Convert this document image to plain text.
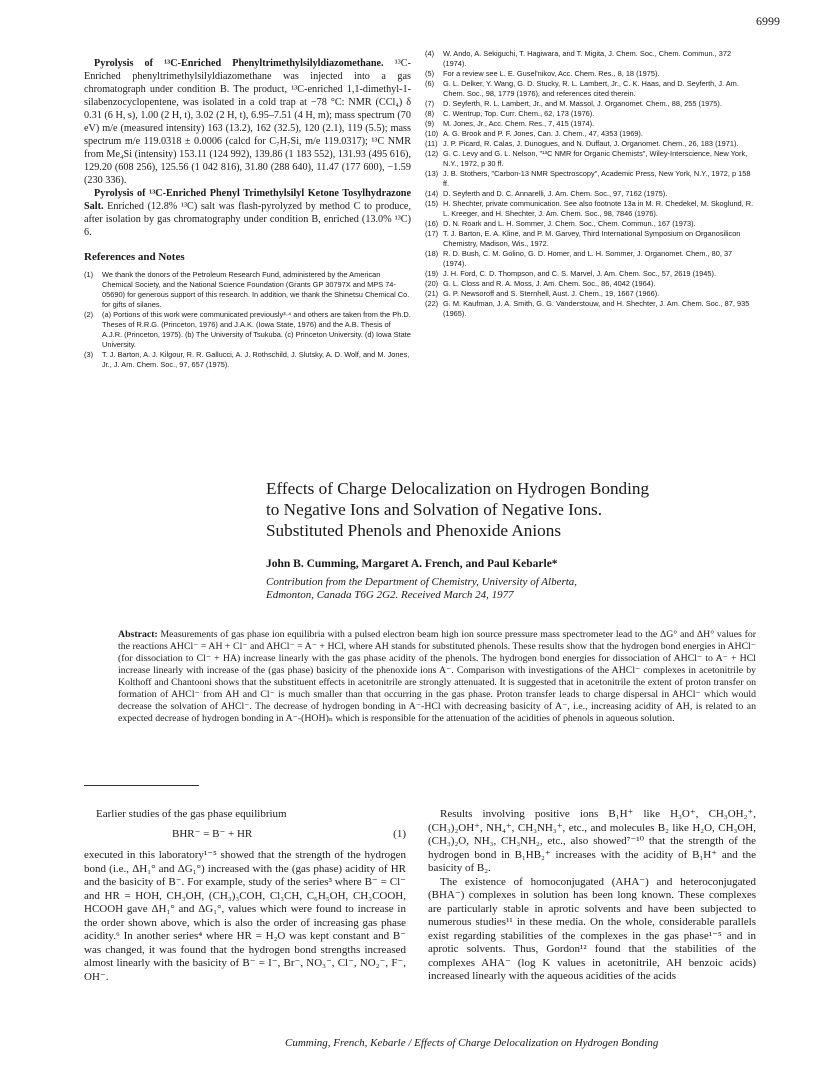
6999

Pyrolysis of ¹³C-Enriched Phenyltrimethylsilyldiazomethane. ¹³C-Enriched phenyltrimethylsilyldiazomethane was injected into a gas chromatograph under condition B. The product, ¹³C-enriched 1,1-dimethyl-1-silabenzocyclopentene, was isolated in a cold trap at −78 °C: NMR (CCl₄) δ 0.31 (6 H, s), 1.00 (2 H, t), 3.02 (2 H, t), 6.95–7.51 (4 H, m); mass spectrum (70 eV) m/e (measured intensity) 163 (13.2), 162 (32.5), 120 (2.1), 119 (5.5); mass spectrum m/e 119.0318 ± 0.0006 (calcd for C₇H₇Si, m/e 119.0317); ¹³C NMR from Me₄Si (intensity) 153.11 (124 992), 139.86 (1 183 552), 131.93 (495 616), 129.20 (608 256), 125.56 (1 042 816), 31.80 (288 640), 11.47 (177 600), −1.59 (230 336).

Pyrolysis of ¹³C-Enriched Phenyl Trimethylsilyl Ketone Tosylhydrazone Salt. Enriched (12.8% ¹³C) salt was flash-pyrolyzed by method C to produce, after isolation by gas chromatography under condition B, enriched (13.0% ¹³C) 6.

References and Notes
(1)	We thank the donors of the Petroleum Research Fund, administered by the American Chemical Society, and the National Science Foundation (Grants GP 30797X and MPS 74-05690) for generous support of this research. In addition, we thank the Shinetsu Chemical Co. for gifts of silanes.
(2)	(a) Portions of this work were communicated previously³·⁴ and others are taken from the Ph.D. Theses of R.R.G. (Princeton, 1976) and J.A.K. (Iowa State, 1976) and the A.B. Thesis of A.J.R. (Princeton, 1975). (b) The University of Tsukuba. (c) Princeton University. (d) Iowa State University.
(3)	T. J. Barton, A. J. Kilgour, R. R. Gallucci, A. J. Rothschild, J. Slutsky, A. D. Wolf, and M. Jones, Jr., J. Am. Chem. Soc., 97, 657 (1975).
(4)	W. Ando, A. Sekiguchi, T. Hagiwara, and T. Migita, J. Chem. Soc., Chem. Commun., 372 (1974).
(5)	For a review see L. E. Gusel'nikov, Acc. Chem. Res., 8, 18 (1975).
(6)	G. L. Delker, Y. Wang, G. D. Stucky, R. L. Lambert, Jr., C. K. Haas, and D. Seyferth, J. Am. Chem. Soc., 98, 1779 (1976), and references cited therein.
(7)	D. Seyferth, R. L. Lambert, Jr., and M. Massol, J. Organomet. Chem., 88, 255 (1975).
(8)	C. Wentrup, Top. Curr. Chem., 62, 173 (1976).
(9)	M. Jones, Jr., Acc. Chem. Res., 7, 415 (1974).
(10) A. G. Brook and P. F. Jones, Can. J. Chem., 47, 4353 (1969).
(11) J. P. Picard, R. Calas, J. Dunogues, and N. Duffaut, J. Organomet. Chem., 26, 183 (1971).
(12) G. C. Levy and G. L. Nelson, "¹³C NMR for Organic Chemists", Wiley-Interscience, New York, N.Y., 1972, p 30 ff.
(13) J. B. Stothers, "Carbon-13 NMR Spectroscopy", Academic Press, New York, N.Y., 1972, p 158 ff.
(14) D. Seyferth and D. C. Annarelli, J. Am. Chem. Soc., 97, 7162 (1975).
(15) H. Shechter, private communication. See also footnote 13a in M. R. Chedekel, M. Skoglund, R. L. Kreeger, and H. Shechter, J. Am. Chem. Soc., 98, 7846 (1976).
(16) D. N. Roark and L. H. Sommer, J. Chem. Soc., Chem. Commun., 167 (1973).
(17) T. J. Barton, E. A. Kline, and P. M. Garvey, Third International Symposium on Organosilicon Chemistry, Madison, Wis., 1972.
(18) R. D. Bush, C. M. Golino, G. D. Homer, and L. H. Sommer, J. Organomet. Chem., 80, 37 (1974).
(19) J. H. Ford, C. D. Thompson, and C. S. Marvel, J. Am. Chem. Soc., 57, 2619 (1945).
(20) G. L. Closs and R. A. Moss, J. Am. Chem. Soc., 86, 4042 (1964).
(21) G. P. Newsoroff and S. Sternhell, Aust. J. Chem., 19, 1667 (1966).
(22) G. M. Kaufman, J. A. Smith, G. G. Vanderstouw, and H. Shechter, J. Am. Chem. Soc., 87, 935 (1965).
Effects of Charge Delocalization on Hydrogen Bonding
to Negative Ions and Solvation of Negative Ions.
Substituted Phenols and Phenoxide Anions
John B. Cumming, Margaret A. French, and Paul Kebarle*
Contribution from the Department of Chemistry, University of Alberta,
Edmonton, Canada T6G 2G2. Received March 24, 1977
Abstract: Measurements of gas phase ion equilibria with a pulsed electron beam high ion source pressure mass spectrometer lead to the ΔG° and ΔH° values for the reactions AHCl⁻ = AH + Cl⁻ and AHCl⁻ = A⁻ + HCl, where AH stands for substituted phenols. These results show that the hydrogen bond energies in AHCl⁻ (for dissociation to Cl⁻ + HA) increase linearly with the gas phase acidity of the phenols. The hydrogen bond energies for dissociation of AHCl⁻ to A⁻ + HCl increase linearly with increase of the (gas phase) basicity of the phenoxide ions A⁻. Comparison with investigations of the AHCl⁻ complexes in acetonitrile by Kolthoff and Chantooni shows that the substituent effects in acetonitrile are strongly attenuated. It is suggested that in acetonitrile the extent of proton transfer on formation of AHCl⁻ from AH and Cl⁻ is much smaller than that occurring in the gas phase. Proton transfer leads to charge dispersal in AHCl⁻ which would decrease the solvation of AHCl⁻. The decrease of hydrogen bonding in A⁻-HCl with decreasing basicity of A⁻, i.e., increasing acidity of AH, is related to an expected decrease of hydrogen bonding in A⁻-(HOH)ₙ which is responsible for the attenuation of the acidities of phenols in aqueous solution.

Earlier studies of the gas phase equilibrium

BHR⁻ = B⁻ + HR	(1)

executed in this laboratory¹⁻⁵ showed that the strength of the hydrogen bond (i.e., ΔH₁° and ΔG₁°) increased with the (gas phase) acidity of HR and the basicity of B⁻. For example, study of the series³ where B⁻ = Cl⁻ and HR = HOH, CH₃OH, (CH₃)₃COH, Cl₃CH, C₆H₅OH, CH₃COOH, HCOOH gave ΔH₁° and ΔG₁°, values which were found to increase in the order shown above, which is also the order of increasing gas phase acidity.⁶ In another series⁴ where HR = H₂O was kept constant and B⁻ was changed, it was found that the hydrogen bond strengths increased almost linearly with the basicity of B⁻ = I⁻, Br⁻, NO₃⁻, Cl⁻, NO₂⁻, F⁻, OH⁻.

Results involving positive ions B₁H⁺ like H₃O⁺, CH₃OH₂⁺, (CH₃)₂OH⁺, NH₄⁺, CH₃NH₃⁺, etc., and molecules B₂ like H₂O, CH₃OH, (CH₃)₂O, NH₃, CH₃NH₂, etc., also showed⁷⁻¹⁰ that the strength of the hydrogen bond in B₁HB₂⁺ increases with the acidity of B₁H⁺ and the basicity of B₂.

The existence of homoconjugated (AHA⁻) and heteroconjugated (BHA⁻) complexes in solution has been long known. These complexes are particularly stable in aprotic solvents and have been subjected to numerous studies¹¹ in these media. On the whole, considerable parallels exist regarding stabilities of the complexes in the gas phase¹⁻⁵ and in aprotic solvents. Thus, Gordon¹² found that the stabilities of the complexes AHA⁻ (log K values in acetonitrile, AH benzoic acids) increased linearly with the aqueous acidities of the acids

Cumming, French, Kebarle / Effects of Charge Delocalization on Hydrogen Bonding
